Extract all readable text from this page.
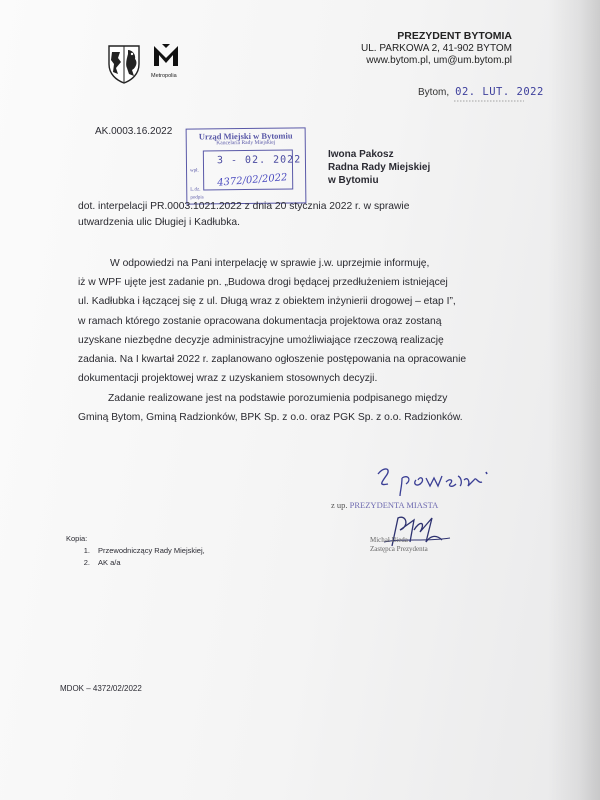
Metropolia
PREZYDENT BYTOMIA
UL. PARKOWA 2, 41-902 BYTOM
www.bytom.pl, um@um.bytom.pl
Bytom, 02. LUT. 2022
AK.0003.16.2022	Urząd Miejski w Bytomiu
Kancelaria Rady Miejskiej
wpł.
3 - 02. 2022
4372/02/2022
L.dz.
podpis
Iwona Pakosz
Radna Rady Miejskiej
w Bytomiu
dot. interpelacji PR.0003.1021.2022 z dnia 20 stycznia 2022 r. w sprawie
utwardzenia ulic Długiej i Kadłubka.
W odpowiedzi na Pani interpelację w sprawie j.w. uprzejmie informuję,
iż w WPF ujęte jest zadanie pn. „Budowa drogi będącej przedłużeniem istniejącej
ul. Kadłubka i łączącej się z ul. Długą wraz z obiektem inżynierii drogowej – etap I”,
w ramach którego zostanie opracowana dokumentacja projektowa oraz zostaną
uzyskane niezbędne decyzje administracyjne umożliwiające rzeczową realizację
zadania. Na I kwartał 2022 r. zaplanowano ogłoszenie postępowania na opracowanie
dokumentacji projektowej wraz z uzyskaniem stosownych decyzji.
Zadanie realizowane jest na podstawie porozumienia podpisanego między
Gminą Bytom, Gminą Radzionków, BPK Sp. z o.o. oraz PGK Sp. z o.o. Radzionków.
z up. PREZYDENTA MIASTA
Michał Bieda
Zastępca Prezydenta
Kopia:
1. Przewodniczący Rady Miejskiej,
2. AK a/a
MDOK – 4372/02/2022
